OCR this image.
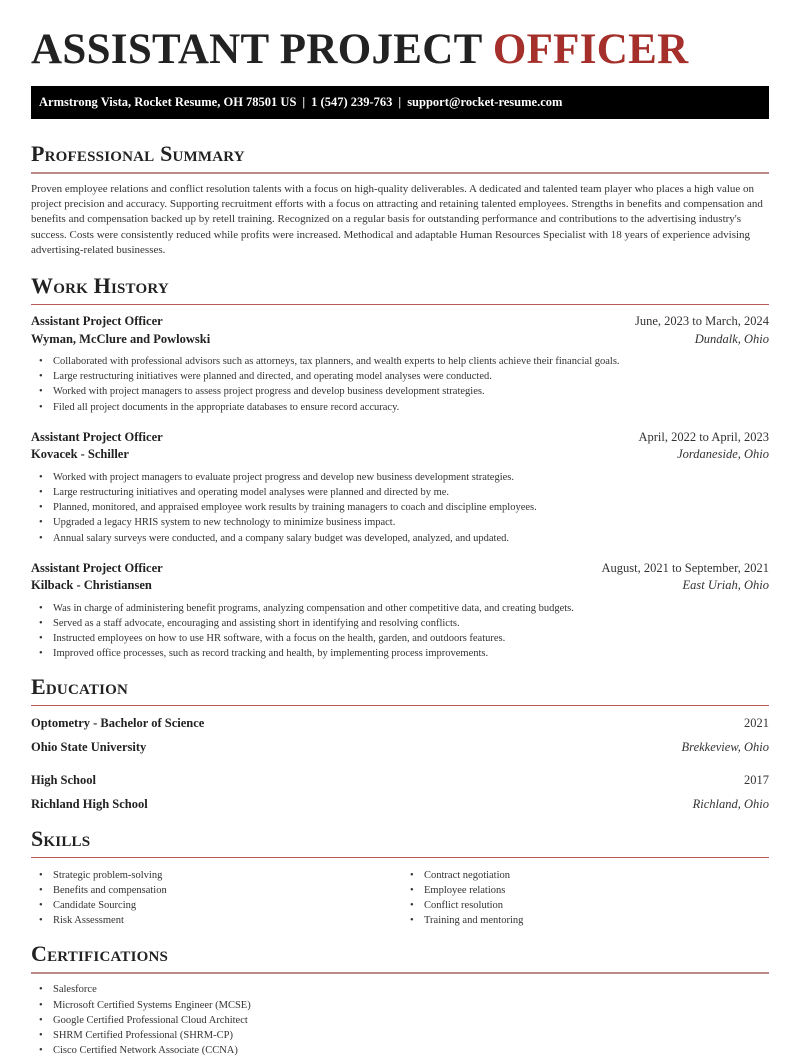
ASSISTANT PROJECT OFFICER
Armstrong Vista, Rocket Resume, OH 78501 US | 1 (547) 239-763 | support@rocket-resume.com
Professional Summary

Proven employee relations and conflict resolution talents with a focus on high-quality deliverables. A dedicated and talented team player who places a high value on project precision and accuracy. Supporting recruitment efforts with a focus on attracting and retaining talented employees. Strengths in benefits and compensation and benefits and compensation backed up by retell training. Recognized on a regular basis for outstanding performance and contributions to the advertising industry's success. Costs were consistently reduced while profits were increased. Methodical and adaptable Human Resources Specialist with 18 years of experience advising advertising-related businesses.

Work History
Assistant Project Officer	June, 2023 to March, 2024
Wyman, McClure and Powlowski	Dundalk, Ohio
• Collaborated with professional advisors such as attorneys, tax planners, and wealth experts to help clients achieve their financial goals.
• Large restructuring initiatives were planned and directed, and operating model analyses were conducted.
• Worked with project managers to assess project progress and develop business development strategies.
• Filed all project documents in the appropriate databases to ensure record accuracy.
Assistant Project Officer	April, 2022 to April, 2023
Kovacek - Schiller	Jordaneside, Ohio
• Worked with project managers to evaluate project progress and develop new business development strategies.
• Large restructuring initiatives and operating model analyses were planned and directed by me.
• Planned, monitored, and appraised employee work results by training managers to coach and discipline employees.
• Upgraded a legacy HRIS system to new technology to minimize business impact.
• Annual salary surveys were conducted, and a company salary budget was developed, analyzed, and updated.
Assistant Project Officer	August, 2021 to September, 2021
Kilback - Christiansen	East Uriah, Ohio
• Was in charge of administering benefit programs, analyzing compensation and other competitive data, and creating budgets.
• Served as a staff advocate, encouraging and assisting short in identifying and resolving conflicts.
• Instructed employees on how to use HR software, with a focus on the health, garden, and outdoors features.
• Improved office processes, such as record tracking and health, by implementing process improvements.
Education
Optometry - Bachelor of Science	2021
Ohio State University	Brekkeview, Ohio
High School	2017
Richland High School	Richland, Ohio
Skills
• Strategic problem-solving
• Benefits and compensation
• Candidate Sourcing
• Risk Assessment
• Contract negotiation
• Employee relations
• Conflict resolution
• Training and mentoring
Certifications
• Salesforce
• Microsoft Certified Systems Engineer (MCSE)
• Google Certified Professional Cloud Architect
• SHRM Certified Professional (SHRM-CP)
• Cisco Certified Network Associate (CCNA)
